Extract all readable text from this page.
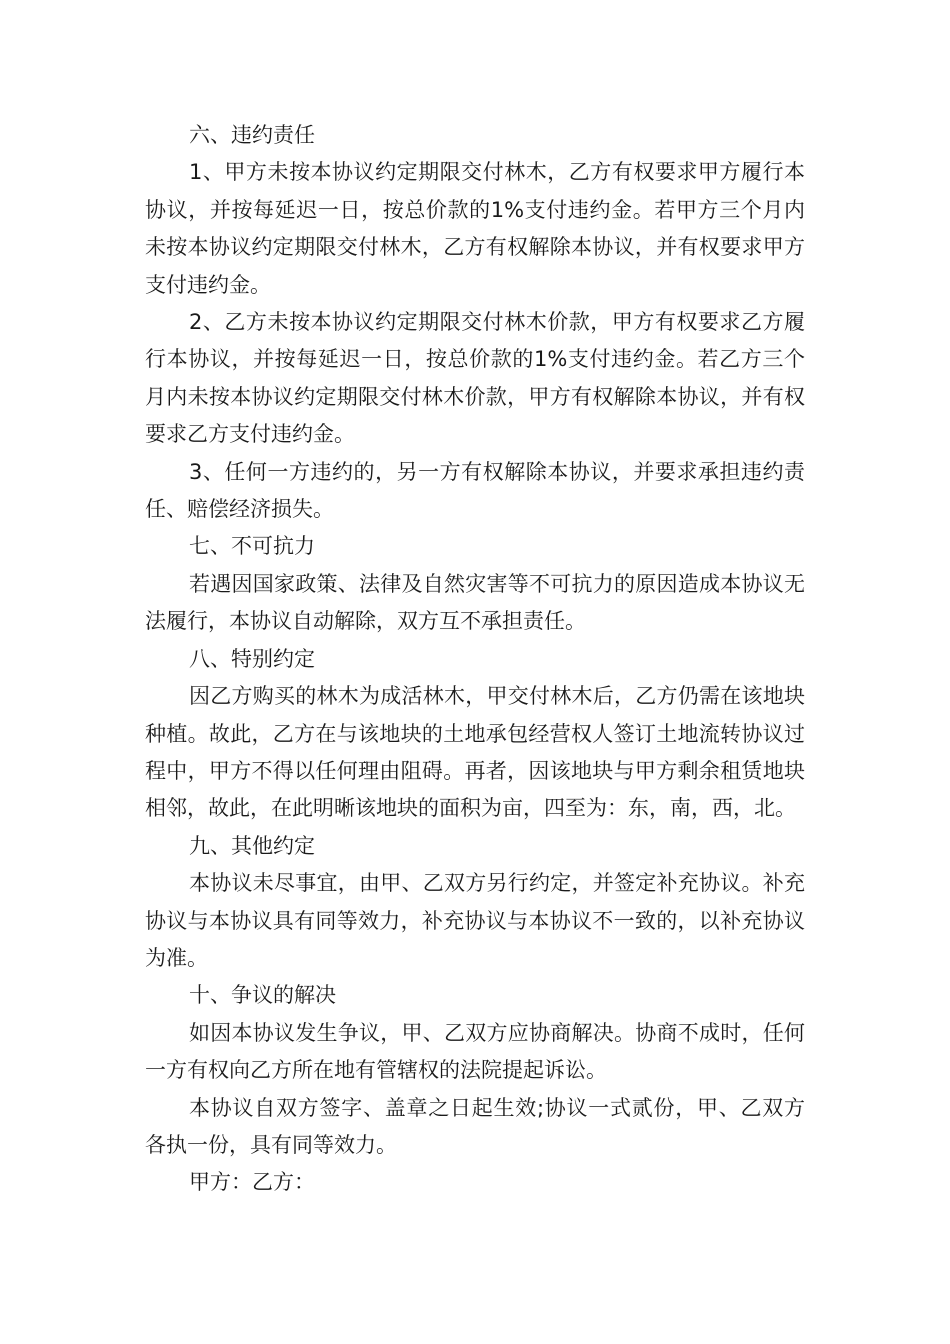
六、违约责任

1、甲方未按本协议约定期限交付林木，乙方有权要求甲方履行本协议，并按每延迟一日，按总价款的1%支付违约金。若甲方三个月内未按本协议约定期限交付林木，乙方有权解除本协议，并有权要求甲方支付违约金。

2、乙方未按本协议约定期限交付林木价款，甲方有权要求乙方履行本协议，并按每延迟一日，按总价款的1%支付违约金。若乙方三个月内未按本协议约定期限交付林木价款，甲方有权解除本协议，并有权要求乙方支付违约金。

3、任何一方违约的，另一方有权解除本协议，并要求承担违约责任、赔偿经济损失。

七、不可抗力

若遇因国家政策、法律及自然灾害等不可抗力的原因造成本协议无法履行，本协议自动解除，双方互不承担责任。

八、特别约定

因乙方购买的林木为成活林木，甲交付林木后，乙方仍需在该地块种植。故此，乙方在与该地块的土地承包经营权人签订土地流转协议过程中，甲方不得以任何理由阻碍。再者，因该地块与甲方剩余租赁地块相邻，故此，在此明晰该地块的面积为亩，四至为：东，南，西，北。

九、其他约定

本协议未尽事宜，由甲、乙双方另行约定，并签定补充协议。补充协议与本协议具有同等效力，补充协议与本协议不一致的，以补充协议为准。

十、争议的解决

如因本协议发生争议，甲、乙双方应协商解决。协商不成时，任何一方有权向乙方所在地有管辖权的法院提起诉讼。

本协议自双方签字、盖章之日起生效;协议一式贰份，甲、乙双方各执一份，具有同等效力。

甲方：乙方：
